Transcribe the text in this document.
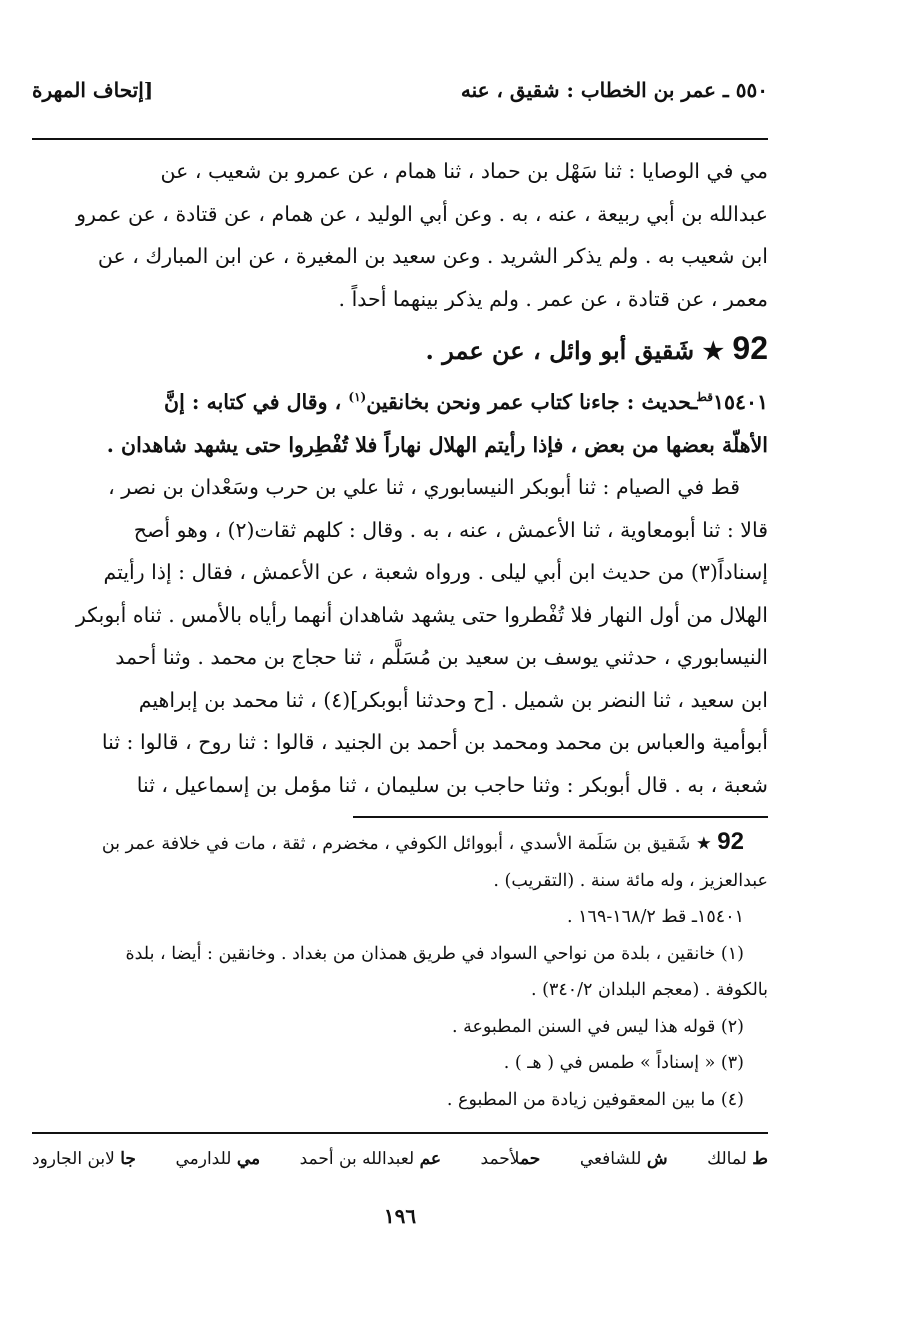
٥٥٠ ـ عمر بن الخطاب : شقيق ، عنه
[إتحاف المهرة

مي في الوصايا : ثنا سَهْل بن حماد ، ثنا همام ، عن عمرو بن شعيب ، عن

عبدالله بن أبي ربيعة ، عنه ، به . وعن أبي الوليد ، عن همام ، عن قتادة ، عن عمرو

ابن شعيب به . ولم يذكر الشريد . وعن سعيد بن المغيرة ، عن ابن المبارك ، عن

معمر ، عن قتادة ، عن عمر . ولم يذكر بينهما أحداً .

92 ★ شَقيق أبو وائل ، عن عمر .

$١٥٤٠١^{قط}ـحديث$ : جاءنا كتاب عمر ونحن بخانقين$^{(١)}$ ، وقال في كتابه : إنَّ

الأهلّة بعضها من بعض ، فإذا رأيتم الهلال نهاراً فلا تُفْطِروا حتى يشهد شاهدان .

قط في الصيام : ثنا أبوبكر النيسابوري ، ثنا علي بن حرب وسَعْدان بن نصر ،

قالا : ثنا أبومعاوية ، ثنا الأعمش ، عنه ، به . وقال : كلهم ثقات(٢) ، وهو أصح

إسناداً(٣) من حديث ابن أبي ليلى . ورواه شعبة ، عن الأعمش ، فقال : إذا رأيتم

الهلال من أول النهار فلا تُفْطروا حتى يشهد شاهدان أنهما رأياه بالأمس . ثناه أبوبكر

النيسابوري ، حدثني يوسف بن سعيد بن مُسَلَّم ، ثنا حجاج بن محمد . وثنا أحمد

ابن سعيد ، ثنا النضر بن شميل . [ح وحدثنا أبوبكر](٤) ، ثنا محمد بن إبراهيم

أبوأمية والعباس بن محمد ومحمد بن أحمد بن الجنيد ، قالوا : ثنا روح ، قالوا : ثنا

شعبة ، به . قال أبوبكر : وثنا حاجب بن سليمان ، ثنا مؤمل بن إسماعيل ، ثنا

92 ★ شَقيق بن سَلَمة الأسدي ، أبووائل الكوفي ، مخضرم ، ثقة ، مات في خلافة عمر بن

عبدالعزيز ، وله مائة سنة . (التقريب) .

١٥٤٠١ـ قط ١٦٨/٢-١٦٩ .

(١) خانقين ، بلدة من نواحي السواد في طريق همذان من بغداد . وخانقين : أيضا ، بلدة

بالكوفة . (معجم البلدان ٣٤٠/٢) .

(٢) قوله هذا ليس في السنن المطبوعة .

(٣) « إسناداً » طمس في ( هـ ) .

(٤) ما بين المعقوفين زيادة من المطبوع .

ط لمالك
ش للشافعي
حملأحمد
عم لعبدالله بن أحمد
مي للدارمي
جا لابن الجارود
١٩٦
